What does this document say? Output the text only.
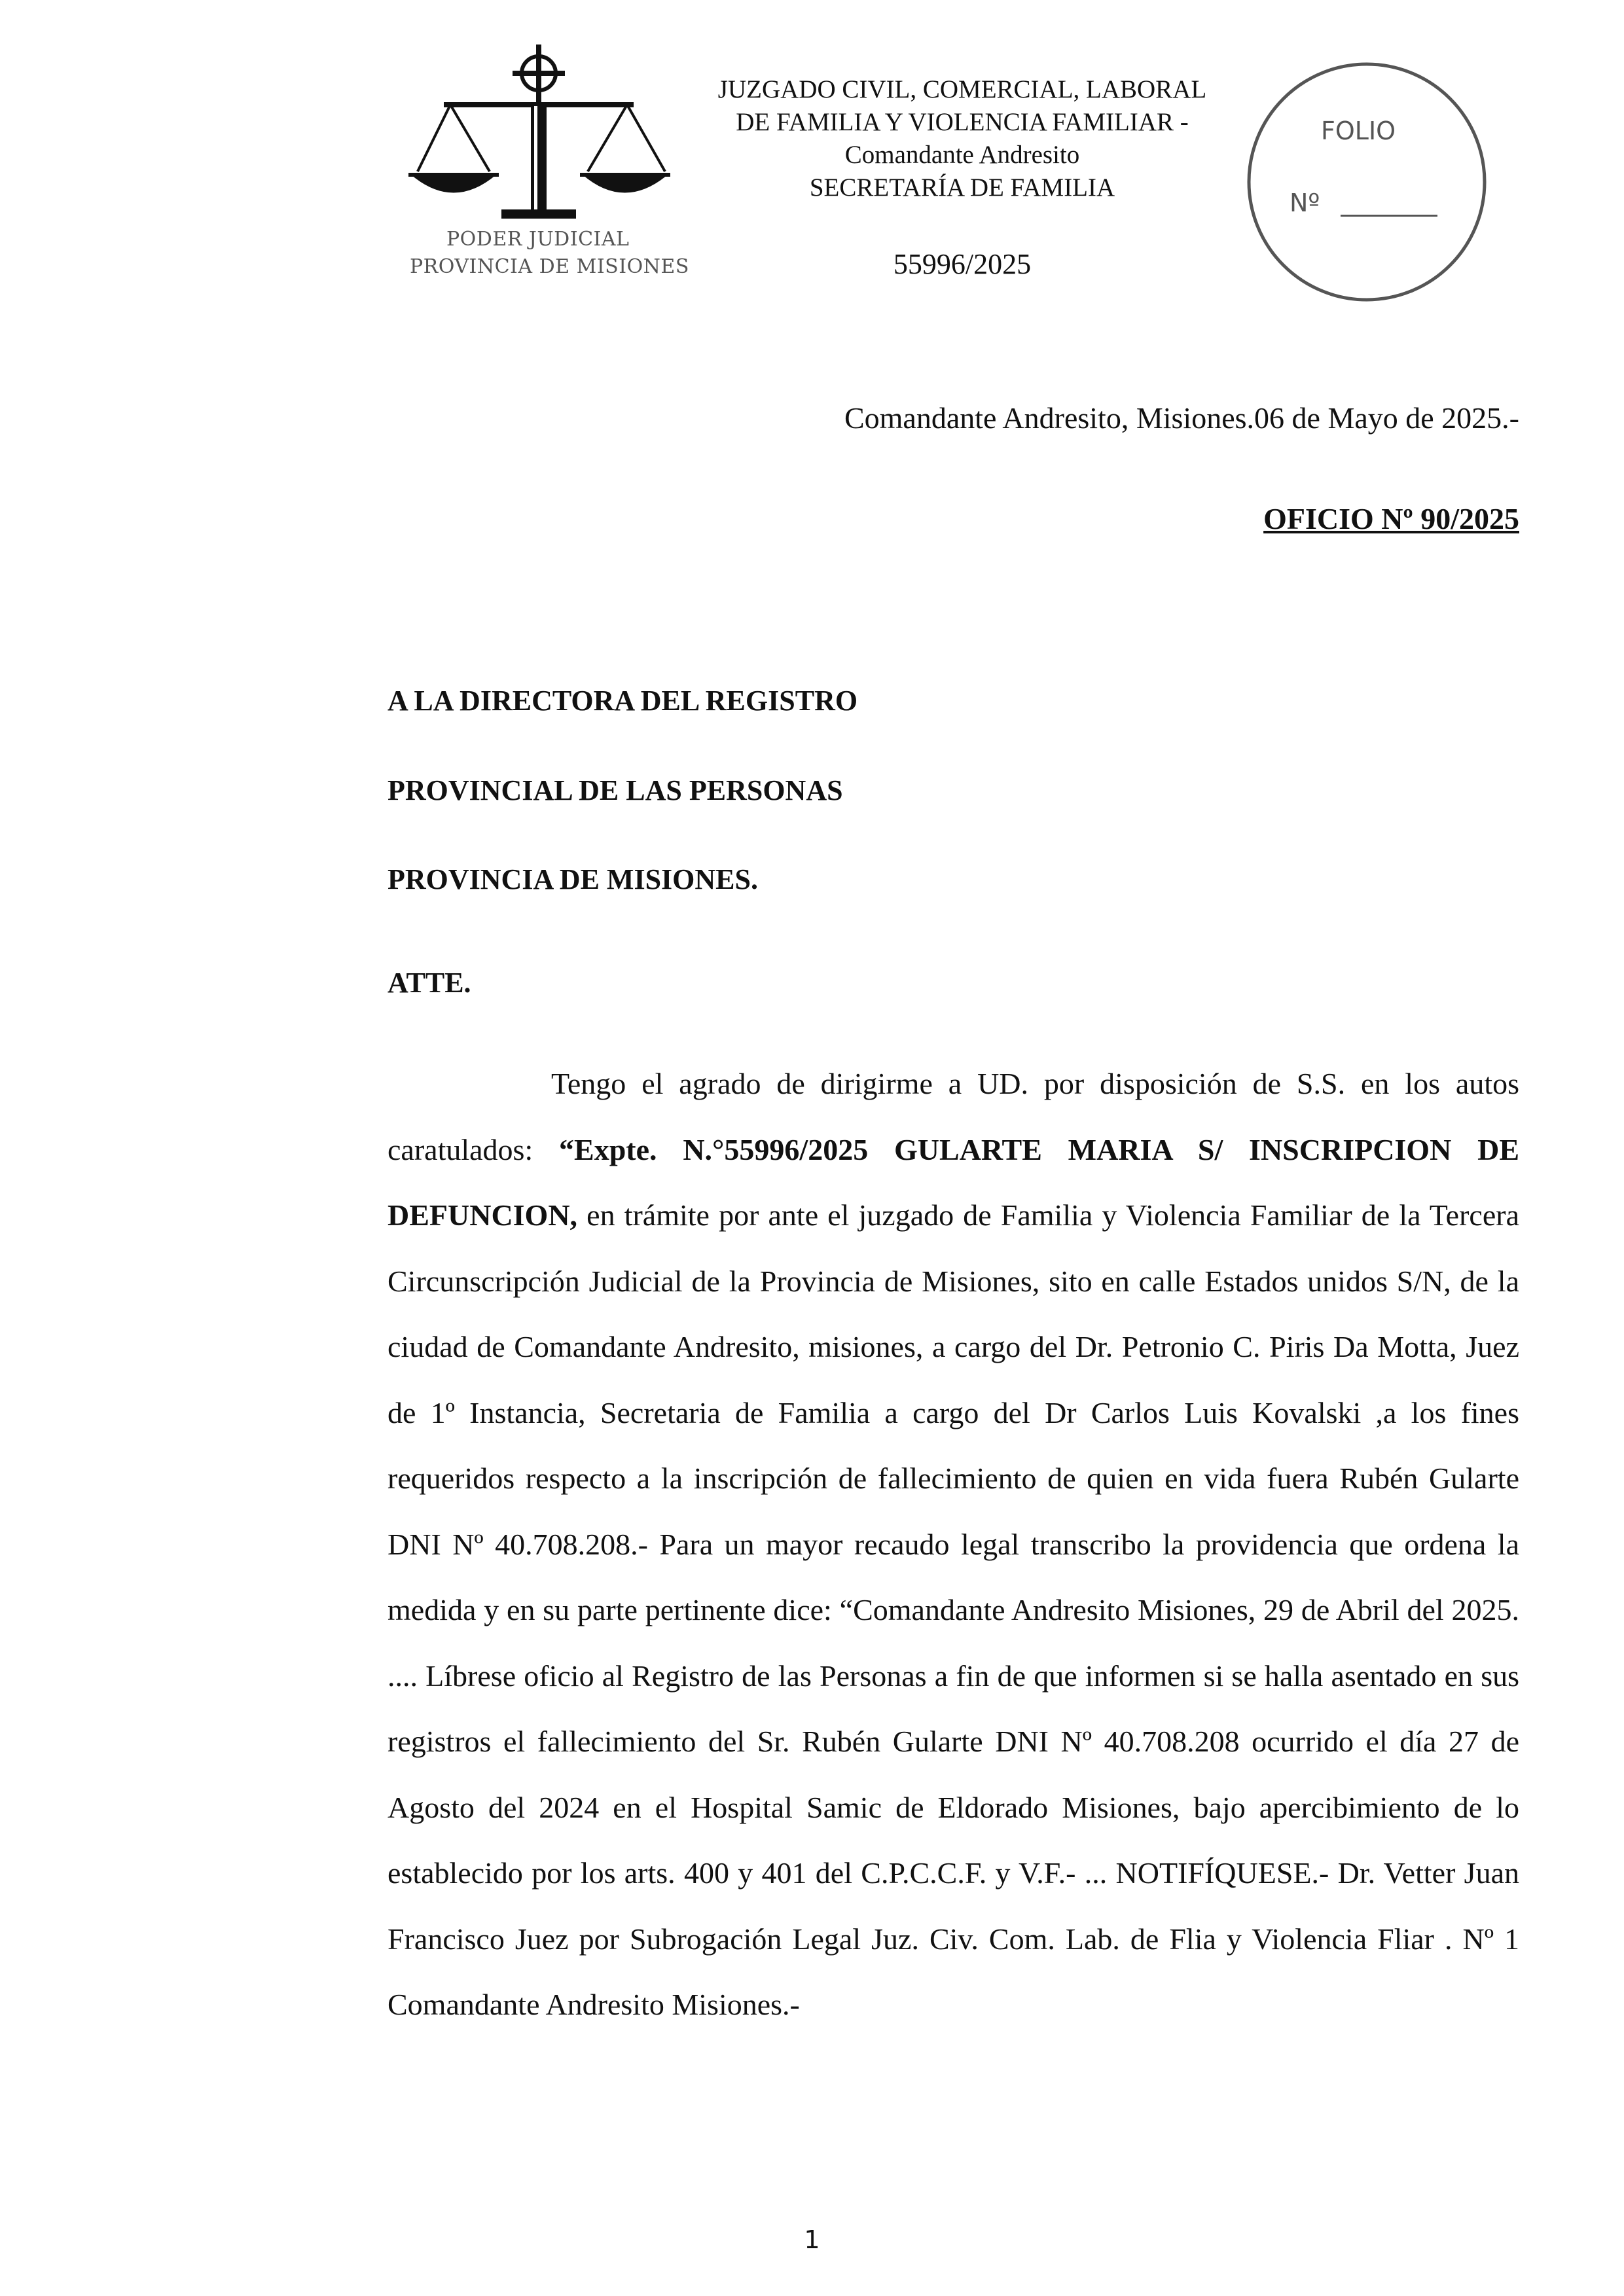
PODER JUDICIAL
PROVINCIA DE MISIONES
JUZGADO CIVIL, COMERCIAL, LABORAL
DE FAMILIA Y VIOLENCIA FAMILIAR -
Comandante Andresito
SECRETARÍA DE FAMILIA
55996/2025
FOLIO
Nº
Comandante Andresito, Misiones.06 de Mayo de 2025.-
OFICIO Nº 90/2025
A LA DIRECTORA DEL REGISTRO
PROVINCIAL DE LAS PERSONAS
PROVINCIA DE MISIONES.
ATTE.

Tengo el agrado de dirigirme a UD. por disposición de S.S. en los autos caratulados: “Expte. N.°55996/2025 GULARTE MARIA S/ INSCRIPCION DE DEFUNCION, en trámite por ante el juzgado de Familia y Violencia Familiar de la Tercera Circunscripción Judicial de la Provincia de Misiones, sito en calle Estados unidos S/N, de la ciudad de Comandante Andresito, misiones, a cargo del Dr. Petronio C. Piris Da Motta, Juez de 1º Instancia, Secretaria de Familia a cargo del Dr Carlos Luis Kovalski ,a los fines requeridos respecto a la inscripción de fallecimiento de quien en vida fuera Rubén Gularte DNI Nº 40.708.208.- Para un mayor recaudo legal transcribo la providencia que ordena la medida y en su parte pertinente dice: “Comandante Andresito Misiones, 29 de Abril del 2025. .... Líbrese oficio al Registro de las Personas a fin de que informen si se halla asentado en sus registros el fallecimiento del Sr. Rubén Gularte DNI Nº 40.708.208 ocurrido el día 27 de Agosto del 2024 en el Hospital Samic de Eldorado Misiones, bajo apercibimiento de lo establecido por los arts. 400 y 401 del C.P.C.C.F. y V.F.- ... NOTIFÍQUESE.- Dr. Vetter Juan Francisco Juez por Subrogación Legal Juz. Civ. Com. Lab. de Flia y Violencia Fliar . Nº 1 Comandante Andresito Misiones.-

1
